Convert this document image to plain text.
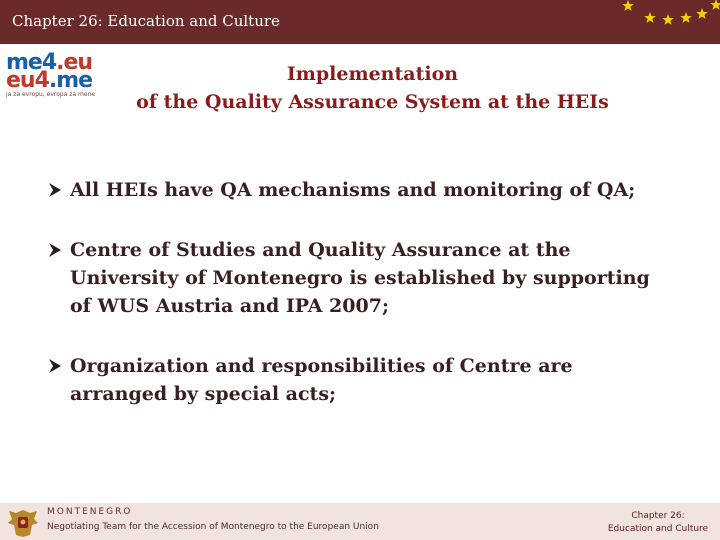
Chapter 26: Education and Culture
me4.eu
eu4.me
ja za evropu, evropa za mene
Implementation
of the Quality Assurance System at the HEIs
All HEIs have QA mechanisms and monitoring of QA;
Centre of Studies and Quality Assurance at the
University of Montenegro is established by supporting
of WUS Austria and IPA 2007;
Organization and responsibilities of Centre are
arranged by special acts;
MONTENEGRO
Negotiating Team for the Accession of Montenegro to the European Union
Chapter 26:
Education and Culture
